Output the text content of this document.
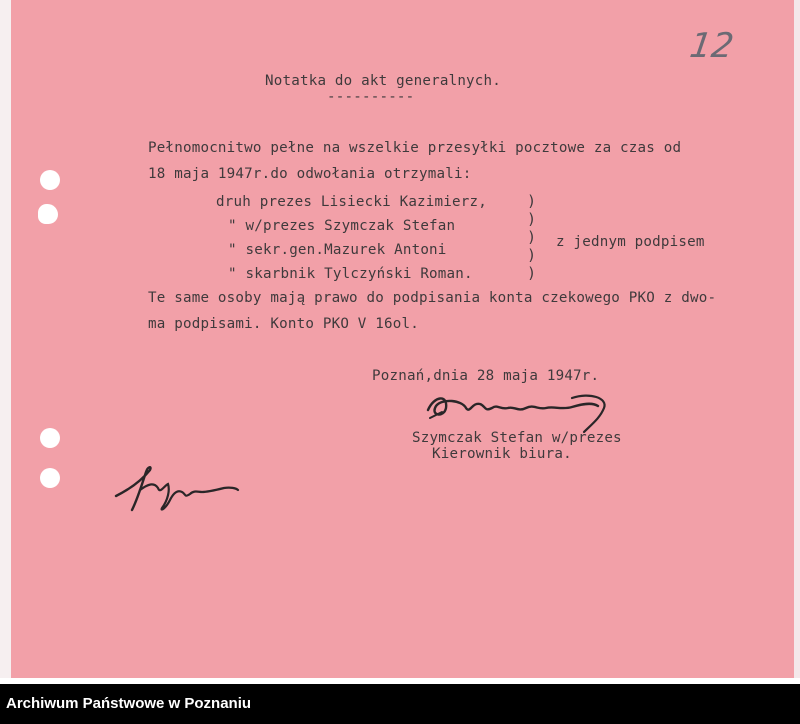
12
Notatka do akt generalnych.
----------
Pełnomocnitwo pełne na wszelkie przesyłki pocztowe za czas od
18 maja 1947r.do odwołania otrzymali:
druh prezes Lisiecki Kazimierz,
" w/prezes Szymczak Stefan
" sekr.gen.Mazurek Antoni
" skarbnik Tylczyński Roman.
)
)
)
)
)
z jednym podpisem
Te same osoby mają prawo do podpisania konta czekowego PKO z dwo-
ma podpisami. Konto PKO V 16ol.
Poznań,dnia 28 maja 1947r.
Szymczak Stefan w/prezes
Kierownik biura.
Archiwum Państwowe w Poznaniu
